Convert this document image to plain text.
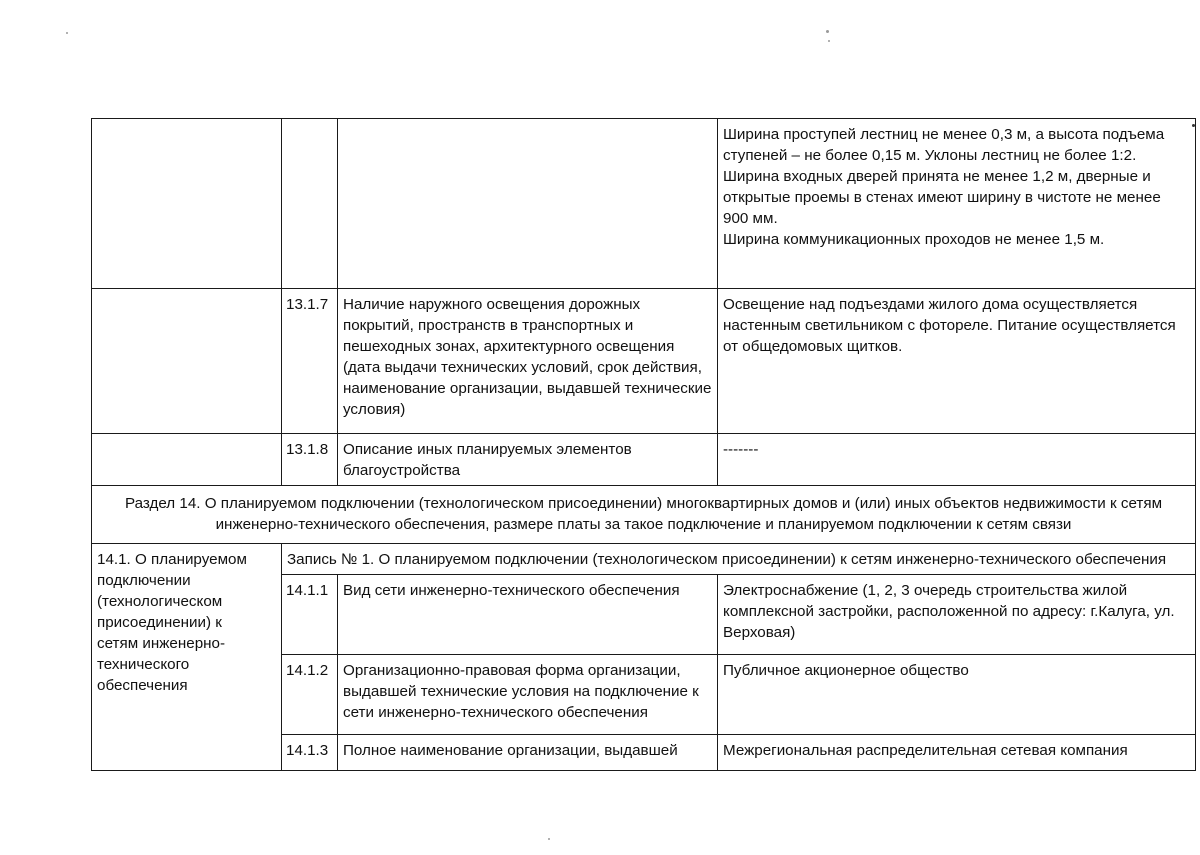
			Ширина проступей лестниц не менее 0,3 м, а высота подъема ступеней – не более 0,15 м. Уклоны лестниц не более 1:2.
Ширина входных дверей принята не менее 1,2 м, дверные и открытые проемы в стенах имеют ширину в чистоте не менее 900 мм.
Ширина коммуникационных проходов не менее 1,5 м.

	13.1.7	Наличие наружного освещения дорожных покрытий, пространств в транспортных и пешеходных зонах, архитектурного освещения (дата выдачи технических условий, срок действия, наименование организации, выдавшей технические условия)	Освещение над подъездами жилого дома осуществляется настенным светильником с фотореле. Питание осуществляется от общедомовых щитков.
	13.1.8	Описание иных планируемых элементов благоустройства	-------
Раздел 14. О планируемом подключении (технологическом присоединении) многоквартирных домов и (или) иных объектов недвижимости к сетям инженерно-технического обеспечения, размере платы за такое подключение и планируемом подключении к сетям связи			
14.1. О планируемом подключении (технологическом присоединении) к сетям инженерно-технического обеспечения	Запись № 1. О планируемом подключении (технологическом присоединении) к сетям инженерно-технического обеспечения		
	14.1.1	Вид сети инженерно-технического обеспечения	Электроснабжение (1, 2, 3 очередь строительства жилой комплексной застройки, расположенной по адресу: г.Калуга, ул. Верховая)
	14.1.2	Организационно-правовая форма организации, выдавшей технические условия на подключение к сети инженерно-технического обеспечения	Публичное акционерное общество
	14.1.3	Полное наименование организации, выдавшей	Межрегиональная распределительная сетевая компания
